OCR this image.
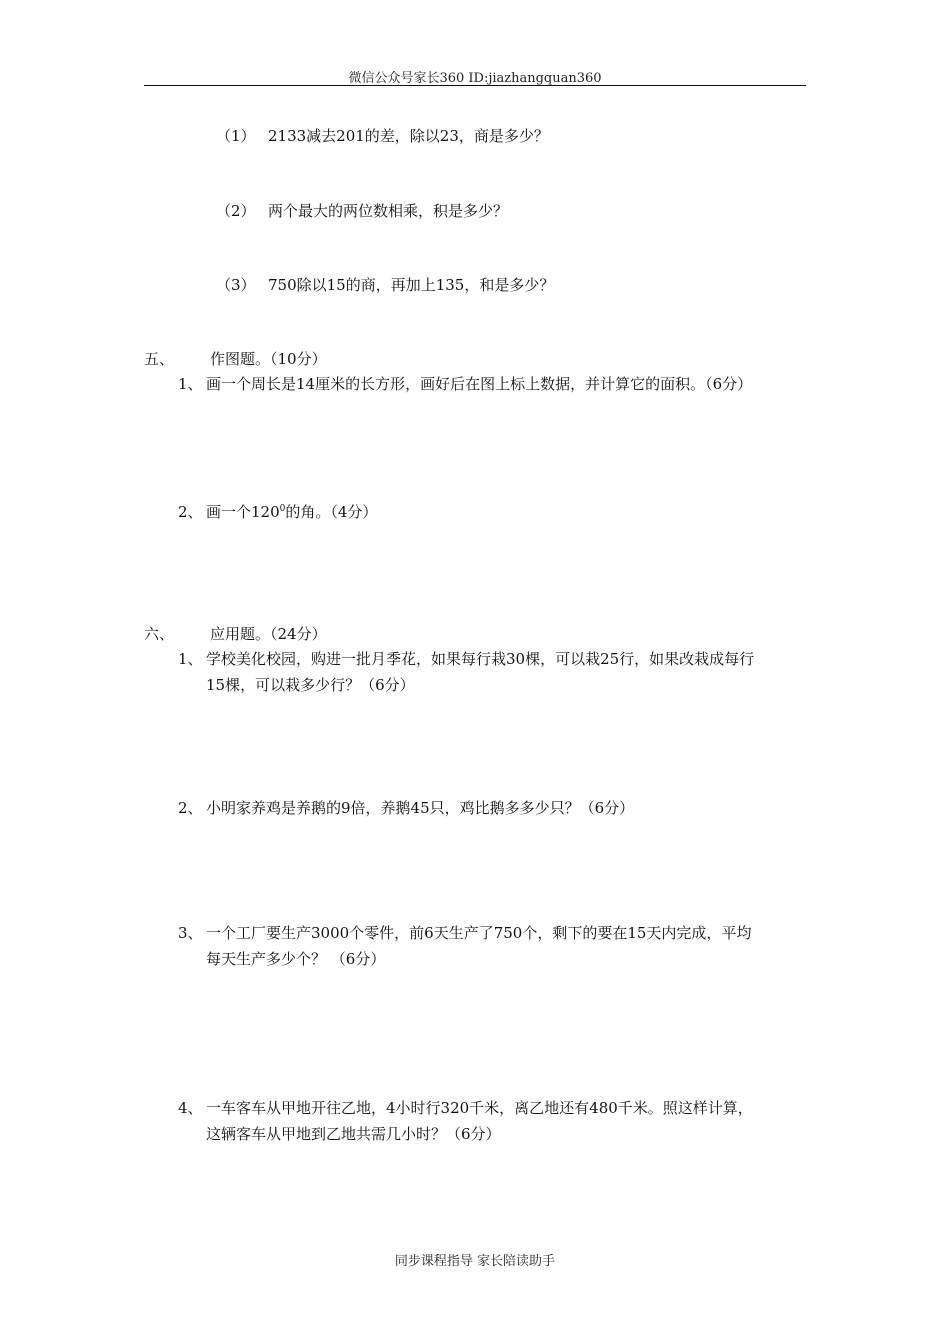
微信公众号家长360 ID:jiazhangquan360
（1） 2133减去201的差，除以23，商是多少？
（2） 两个最大的两位数相乘，积是多少？
（3） 750除以15的商，再加上135，和是多少？
五、 作图题。（10分）
1、 画一个周长是14厘米的长方形，画好后在图上标上数据，并计算它的面积。（6分）
2、 画一个$120^0$的角。（4分）
六、 应用题。（24分）
1、 学校美化校园，购进一批月季花，如果每行栽30棵，可以栽25行，如果改栽成每行
15棵，可以栽多少行？（6分）
2、 小明家养鸡是养鹅的9倍，养鹅45只，鸡比鹅多多少只？（6分）
3、 一个工厂要生产3000个零件，前6天生产了750个，剩下的要在15天内完成，平均
每天生产多少个？ （6分）
4、 一车客车从甲地开往乙地，4小时行320千米，离乙地还有480千米。照这样计算，
这辆客车从甲地到乙地共需几小时？（6分）
同步课程指导 家长陪读助手
